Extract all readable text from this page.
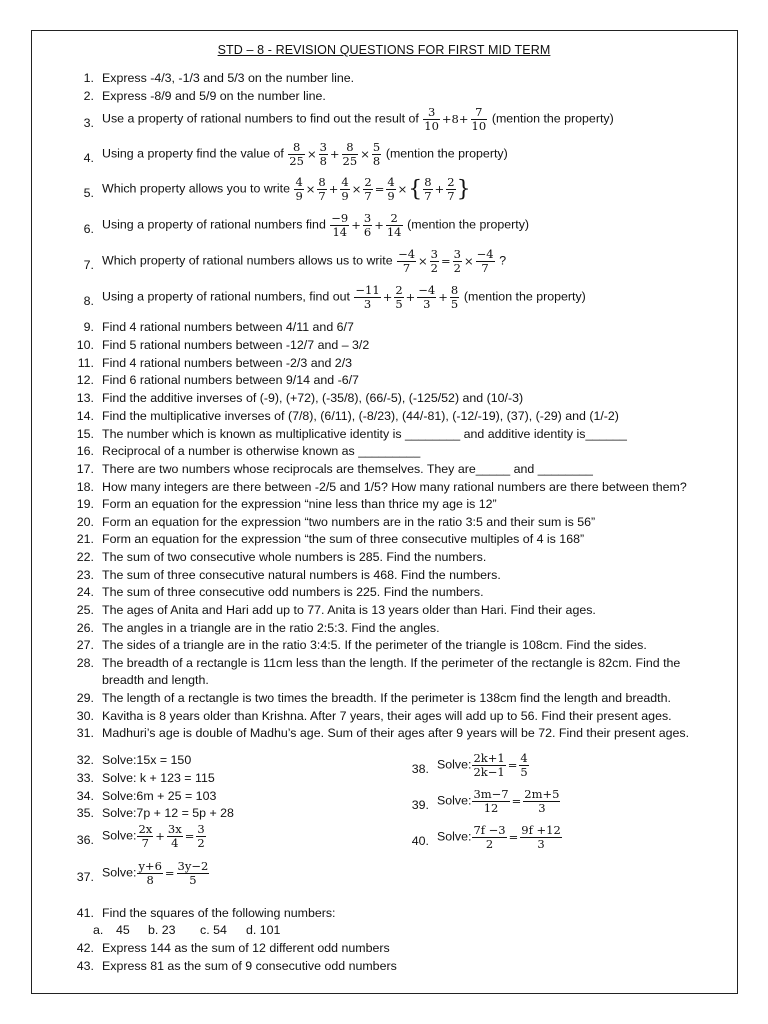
STD – 8 - REVISION QUESTIONS FOR FIRST MID TERM
1. Express -4/3, -1/3 and 5/3 on the number line.
2. Express -8/9 and 5/9 on the number line.
3. Use a property of rational numbers to find out the result of $\frac{3}{10} +8+ \frac{7}{10}$ (mention the property)
4. Using a property find the value of $\frac{8}{25} \times \frac{3}{8} + \frac{8}{25} \times \frac{5}{8}$ (mention the property)
5. Which property allows you to write $\frac{4}{9} \times \frac{8}{7} + \frac{4}{9} \times \frac{2}{7} = \frac{4}{9}$ ×{ $\frac{8}{7} + \frac{2}{7}$ }
6. Using a property of rational numbers find $\frac{-9}{14} + \frac{3}{6} + \frac{2}{14}$ (mention the property)
7. Which property of rational numbers allows us to write $\frac{-4}{7} \times \frac{3}{2} = \frac{3}{2} \times \frac{-4}{7}$ ?
8. Using a property of rational numbers, find out $\frac{-11}{3} + \frac{2}{5} + \frac{-4}{3} + \frac{8}{5}$ (mention the property)
9. Find 4 rational numbers between 4/11 and 6/7
10. Find 5 rational numbers between -12/7 and – 3/2
11. Find 4 rational numbers between -2/3 and 2/3
12. Find 6 rational numbers between 9/14 and -6/7
13. Find the additive inverses of (-9), (+72), (-35/8), (66/-5), (-125/52) and (10/-3)
14. Find the multiplicative inverses of (7/8), (6/11), (-8/23), (44/-81), (-12/-19), (37), (-29) and (1/-2)
15. The number which is known as multiplicative identity is ________ and additive identity is______
16. Reciprocal of a number is otherwise known as _________
17. There are two numbers whose reciprocals are themselves. They are_____ and ________
18. How many integers are there between -2/5 and 1/5? How many rational numbers are there between them?
19. Form an equation for the expression “nine less than thrice my age is 12”
20. Form an equation for the expression “two numbers are in the ratio 3:5 and their sum is 56”
21. Form an equation for the expression “the sum of three consecutive multiples of 4 is 168”
22. The sum of two consecutive whole numbers is 285. Find the numbers.
23. The sum of three consecutive natural numbers is 468. Find the numbers.
24. The sum of three consecutive odd numbers is 225. Find the numbers.
25. The ages of Anita and Hari add up to 77. Anita is 13 years older than Hari. Find their ages.
26. The angles in a triangle are in the ratio 2:5:3. Find the angles.
27. The sides of a triangle are in the ratio 3:4:5. If the perimeter of the triangle is 108cm. Find the sides.
28. The breadth of a rectangle is 11cm less than the length. If the perimeter of the rectangle is 82cm. Find the
breadth and length.
29. The length of a rectangle is two times the breadth. If the perimeter is 138cm find the length and breadth.
30. Kavitha is 8 years older than Krishna. After 7 years, their ages will add up to 56. Find their present ages.
31. Madhuri’s age is double of Madhu’s age. Sum of their ages after 9 years will be 72. Find their present ages.
32. Solve:15x = 150
33. Solve: k + 123 = 115
34. Solve:6m + 25 = 103
35. Solve:7p + 12 = 5p + 28
36. Solve: $\frac{2x}{7} + \frac{3x}{4} = \frac{3}{2}$
37. Solve: $\frac{y+6}{8} = \frac{3y-2}{5}$
38. Solve: $\frac{2k+1}{2k-1} = \frac{4}{5}$
39. Solve: $\frac{3m-7}{12} = \frac{2m+5}{3}$
40. Solve: $\frac{7f -3}{2} = \frac{9f +12}{3}$
41. Find the squares of the following numbers:
a. 45 b. 23 c. 54 d. 101
42. Express 144 as the sum of 12 different odd numbers
43. Express 81 as the sum of 9 consecutive odd numbers
